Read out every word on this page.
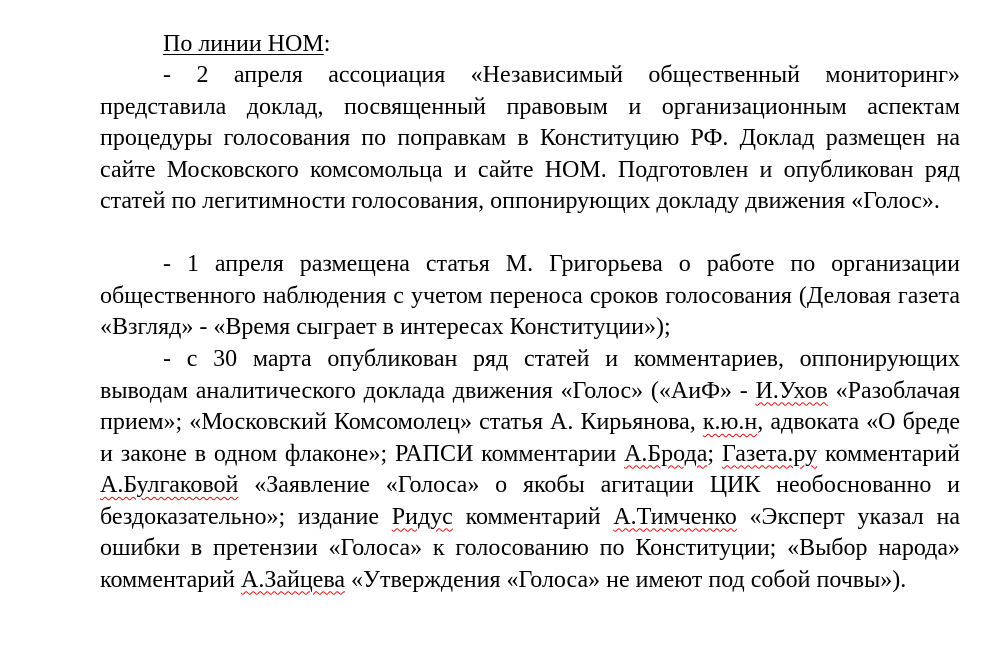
По линии НОМ:

- 2 апреля ассоциация «Независимый общественный мониторинг» представила доклад, посвященный правовым и организационным аспектам процедуры голосования по поправкам в Конституцию РФ. Доклад размещен на сайте Московского комсомольца и сайте НОМ. Подготовлен и опубликован ряд статей по легитимности голосования, оппонирующих докладу движения «Голос».

- 1 апреля размещена статья М. Григорьева о работе по организации общественного наблюдения с учетом переноса сроков голосования (Деловая газета «Взгляд» - «Время сыграет в интересах Конституции»);

- с 30 марта опубликован ряд статей и комментариев, оппонирующих выводам аналитического доклада движения «Голос» («АиФ» - И.Ухов «Разоблачая прием»; «Московский Комсомолец» статья А. Кирьянова, к.ю.н, адвоката «О бреде и законе в одном флаконе»; РАПСИ комментарии А.Брода; Газета.ру комментарий А.Булгаковой «Заявление «Голоса» о якобы агитации ЦИК необоснованно и бездоказательно»; издание Ридус комментарий А.Тимченко «Эксперт указал на ошибки в претензии «Голоса» к голосованию по Конституции; «Выбор народа» комментарий А.Зайцева «Утверждения «Голоса» не имеют под собой почвы»).
